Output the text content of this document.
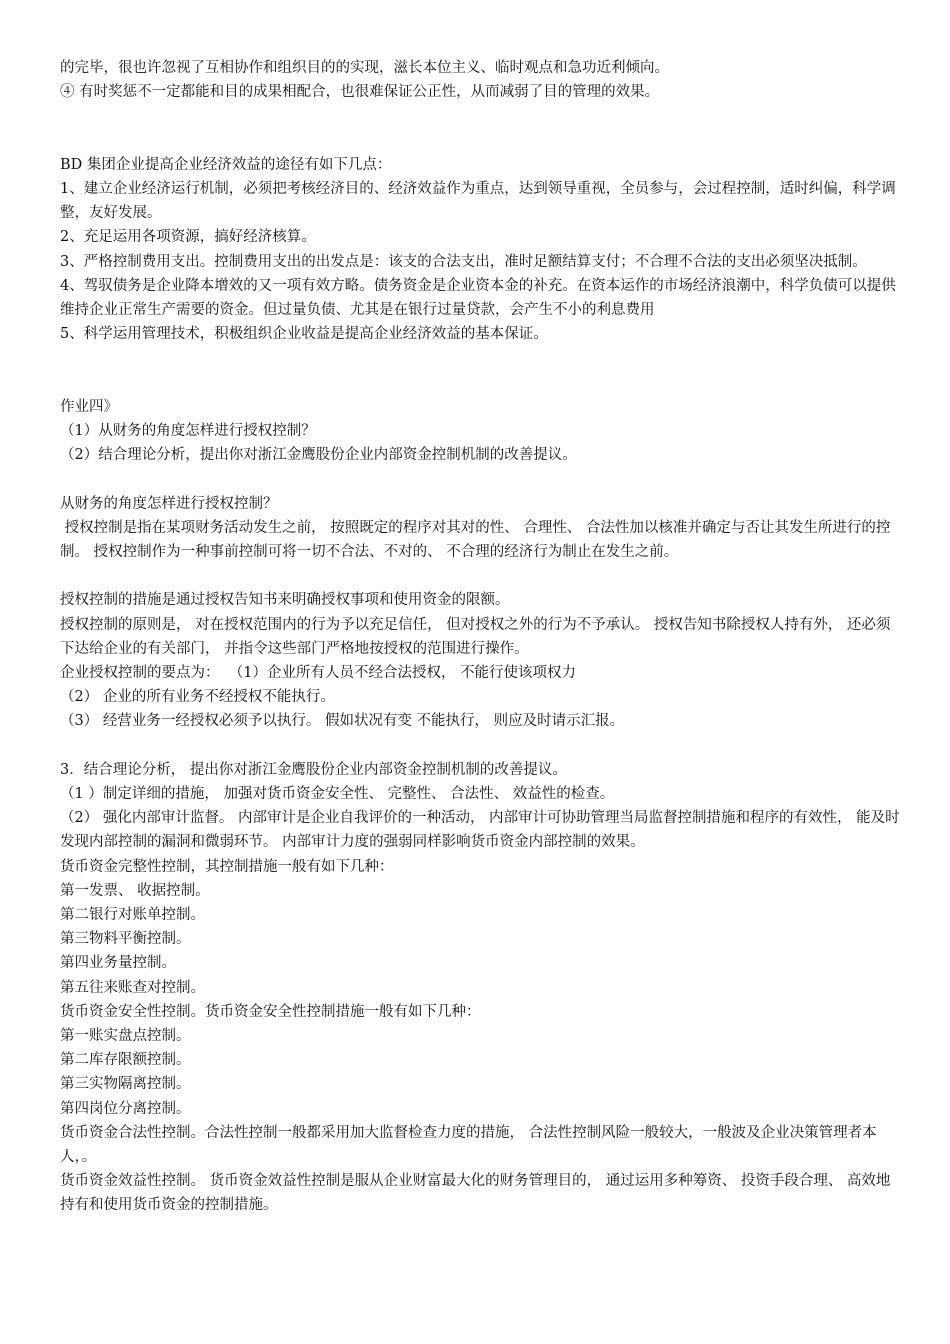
的完毕，很也许忽视了互相协作和组织目的的实现，滋长本位主义、临时观点和急功近利倾向。

④ 有时奖惩不一定都能和目的成果相配合，也很难保证公正性，从而减弱了目的管理的效果。

BD 集团企业提高企业经济效益的途径有如下几点：

1、建立企业经济运行机制，必须把考核经济目的、经济效益作为重点，达到领导重视，全员参与，会过程控制，适时纠偏，科学调整，友好发展。

2、充足运用各项资源，搞好经济核算。

3、严格控制费用支出。控制费用支出的出发点是：该支的合法支出，准时足额结算支付；不合理不合法的支出必须坚决抵制。

4、驾驭债务是企业降本增效的又一项有效方略。债务资金是企业资本金的补充。在资本运作的市场经济浪潮中，科学负债可以提供维持企业正常生产需要的资金。但过量负债、尤其是在银行过量贷款，会产生不小的利息费用

5、科学运用管理技术，积极组织企业收益是提高企业经济效益的基本保证。

作业四》

（1）从财务的角度怎样进行授权控制？

（2）结合理论分析，提出你对浙江金鹰股份企业内部资金控制机制的改善提议。

从财务的角度怎样进行授权控制？

授权控制是指在某项财务活动发生之前， 按照既定的程序对其对的性、 合理性、 合法性加以核准并确定与否让其发生所进行的控制。 授权控制作为一种事前控制可将一切不合法、不对的、 不合理的经济行为制止在发生之前。

授权控制的措施是通过授权告知书来明确授权事项和使用资金的限额。

授权控制的原则是， 对在授权范围内的行为予以充足信任， 但对授权之外的行为不予承认。 授权告知书除授权人持有外， 还必须下达给企业的有关部门， 并指令这些部门严格地按授权的范围进行操作。

企业授权控制的要点为：  （1）企业所有人员不经合法授权， 不能行使该项权力

（2） 企业的所有业务不经授权不能执行。

（3） 经营业务一经授权必须予以执行。 假如状况有变 不能执行， 则应及时请示汇报。

3．结合理论分析， 提出你对浙江金鹰股份企业内部资金控制机制的改善提议。

（1 ）制定详细的措施， 加强对货币资金安全性、 完整性、 合法性、 效益性的检查。

（2） 强化内部审计监督。 内部审计是企业自我评价的一种活动， 内部审计可协助管理当局监督控制措施和程序的有效性， 能及时发现内部控制的漏洞和微弱环节。 内部审计力度的强弱同样影响货币资金内部控制的效果。

货币资金完整性控制，其控制措施一般有如下几种：

第一发票、 收据控制。

第二银行对账单控制。

第三物料平衡控制。

第四业务量控制。

第五往来账查对控制。

货币资金安全性控制。货币资金安全性控制措施一般有如下几种：

第一账实盘点控制。

第二库存限额控制。

第三实物隔离控制。

第四岗位分离控制。

货币资金合法性控制。合法性控制一般都采用加大监督检查力度的措施， 合法性控制风险一般较大，一般波及企业决策管理者本人，。

货币资金效益性控制。 货币资金效益性控制是服从企业财富最大化的财务管理目的， 通过运用多种筹资、 投资手段合理、 高效地持有和使用货币资金的控制措施。
